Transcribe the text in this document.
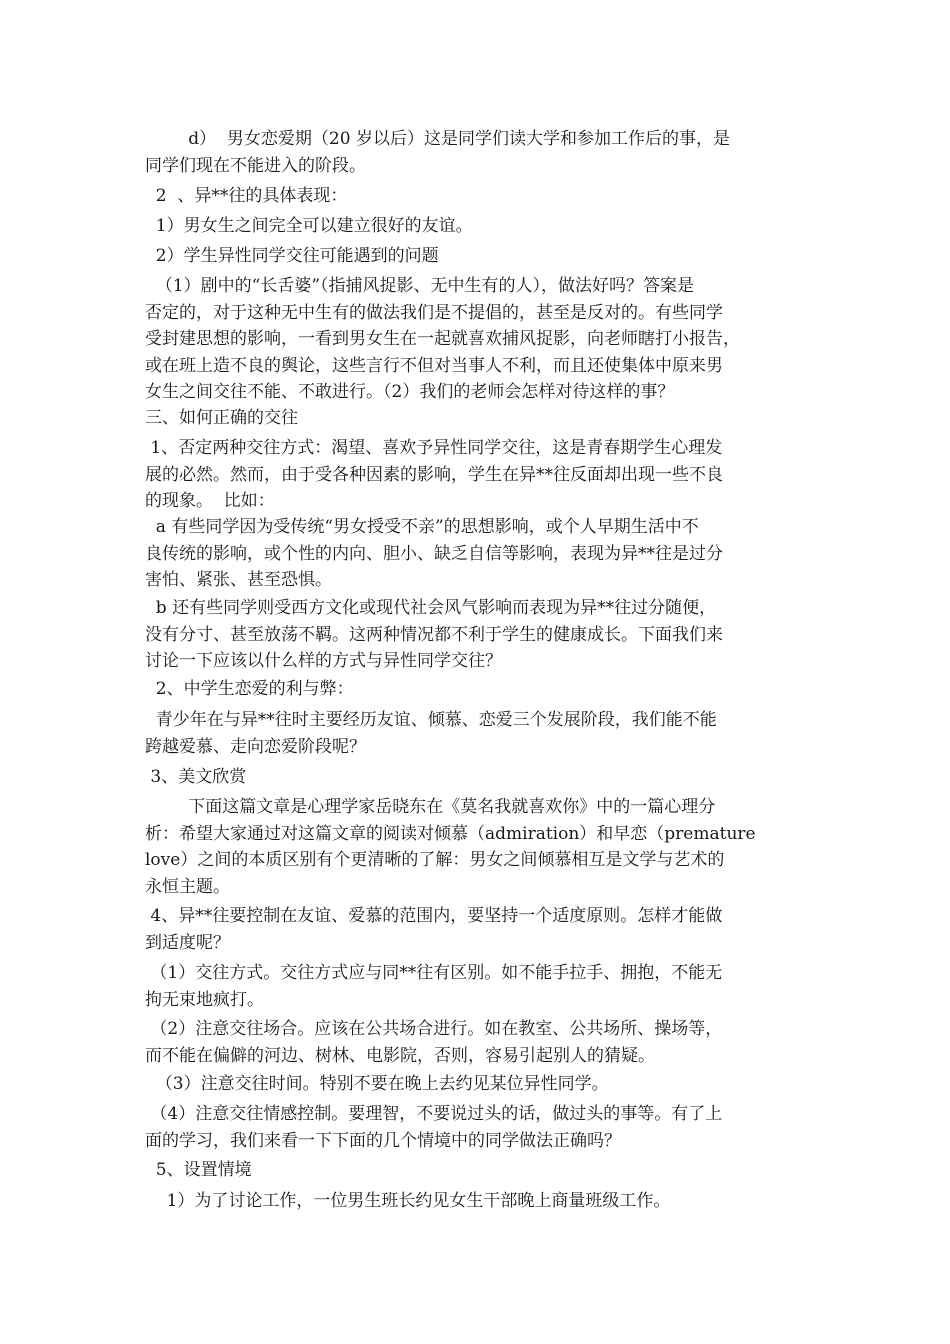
d）  男女恋爱期（20 岁以后）这是同学们读大学和参加工作后的事，是
同学们现在不能进入的阶段。
2  、异**往的具体表现：
1）男女生之间完全可以建立很好的友谊。
2）学生异性同学交往可能遇到的问题
（1）剧中的“长舌婆”（指捕风捉影、无中生有的人），做法好吗？答案是
否定的，对于这种无中生有的做法我们是不提倡的，甚至是反对的。有些同学
受封建思想的影响，一看到男女生在一起就喜欢捕风捉影，向老师瞎打小报告，
或在班上造不良的舆论，这些言行不但对当事人不利，而且还使集体中原来男
女生之间交往不能、不敢进行。（2）我们的老师会怎样对待这样的事？
三、如何正确的交往
1、否定两种交往方式：渴望、喜欢予异性同学交往，这是青春期学生心理发
展的必然。然而，由于受各种因素的影响，学生在异**往反面却出现一些不良
的现象。  比如：
a 有些同学因为受传统“男女授受不亲”的思想影响，或个人早期生活中不
良传统的影响，或个性的内向、胆小、缺乏自信等影响，表现为异**往是过分
害怕、紧张、甚至恐惧。
b 还有些同学则受西方文化或现代社会风气影响而表现为异**往过分随便，
没有分寸、甚至放荡不羁。这两种情况都不利于学生的健康成长。下面我们来
讨论一下应该以什么样的方式与异性同学交往？
2、中学生恋爱的利与弊：
青少年在与异**往时主要经历友谊、倾慕、恋爱三个发展阶段，我们能不能
跨越爱慕、走向恋爱阶段呢？
3、美文欣赏
下面这篇文章是心理学家岳晓东在《莫名我就喜欢你》中的一篇心理分
析：希望大家通过对这篇文章的阅读对倾慕（admiration）和早恋（premature
love）之间的本质区别有个更清晰的了解：男女之间倾慕相互是文学与艺术的
永恒主题。
4、异**往要控制在友谊、爱慕的范围内，要坚持一个适度原则。怎样才能做
到适度呢？
（1）交往方式。交往方式应与同**往有区别。如不能手拉手、拥抱，不能无
拘无束地疯打。
（2）注意交往场合。应该在公共场合进行。如在教室、公共场所、操场等，
而不能在偏僻的河边、树林、电影院，否则，容易引起别人的猜疑。
（3）注意交往时间。特别不要在晚上去约见某位异性同学。
（4）注意交往情感控制。要理智，不要说过头的话，做过头的事等。有了上
面的学习，我们来看一下下面的几个情境中的同学做法正确吗？
5、设置情境
1）为了讨论工作，一位男生班长约见女生干部晚上商量班级工作。
